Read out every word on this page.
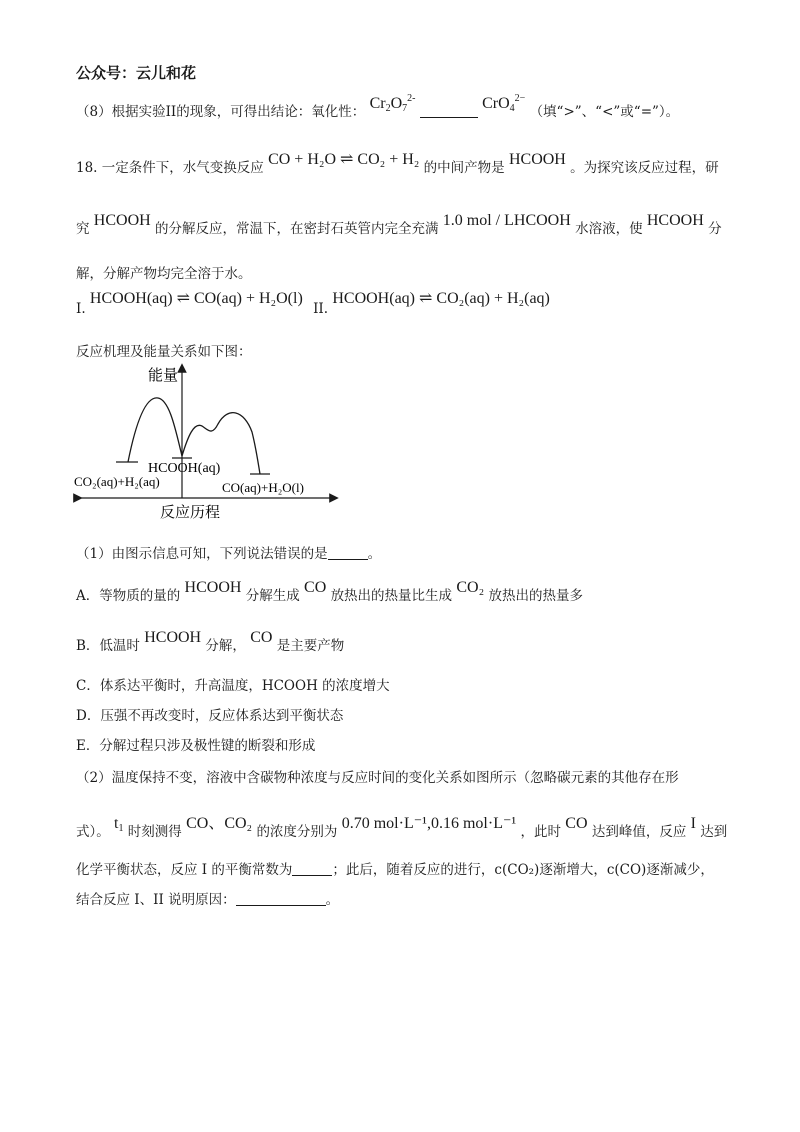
公众号：云儿和花
（8）根据实验II的现象，可得出结论：氧化性： $Cr2O7^{2-}$	$CrO4^{2-}$ （填“>”、“<”或“=”）。
18. 一定条件下，水气变换反应 CO + H₂O ⇌ CO₂ + H₂ 的中间产物是 HCOOH 。为探究该反应过程，研
究 HCOOH 的分解反应，常温下，在密封石英管内完全充满 1.0 mol / LHCOOH 水溶液，使 HCOOH 分
解，分解产物均完全溶于水。
I. HCOOH(aq) ⇌ CO(aq) + H₂O(l) II. HCOOH(aq) ⇌ CO₂(aq) + H₂(aq)
反应机理及能量关系如下图：
能量
HCOOH(aq)
CO₂(aq)+H₂(aq)	CO(aq)+H₂O(l)
反应历程
（1）由图示信息可知，下列说法错误的是	。
A．等物质的量的 HCOOH 分解生成 CO 放热出的热量比生成 CO₂ 放热出的热量多
B．低温时 HCOOH 分解， CO 是主要产物
C．体系达平衡时，升高温度，HCOOH 的浓度增大
D．压强不再改变时，反应体系达到平衡状态
E．分解过程只涉及极性键的断裂和形成
（2）温度保持不变，溶液中含碳物种浓度与反应时间的变化关系如图所示（忽略碳元素的其他存在形
式）。 t1 时刻测得 CO、CO₂ 的浓度分别为 0.70 mol·L⁻¹,0.16 mol·L⁻¹ ，此时 CO 达到峰值，反应 I 达到
化学平衡状态，反应 I 的平衡常数为	；此后，随着反应的进行，c(CO₂)逐渐增大，c(CO)逐渐减少，
结合反应 I、II 说明原因：	。
